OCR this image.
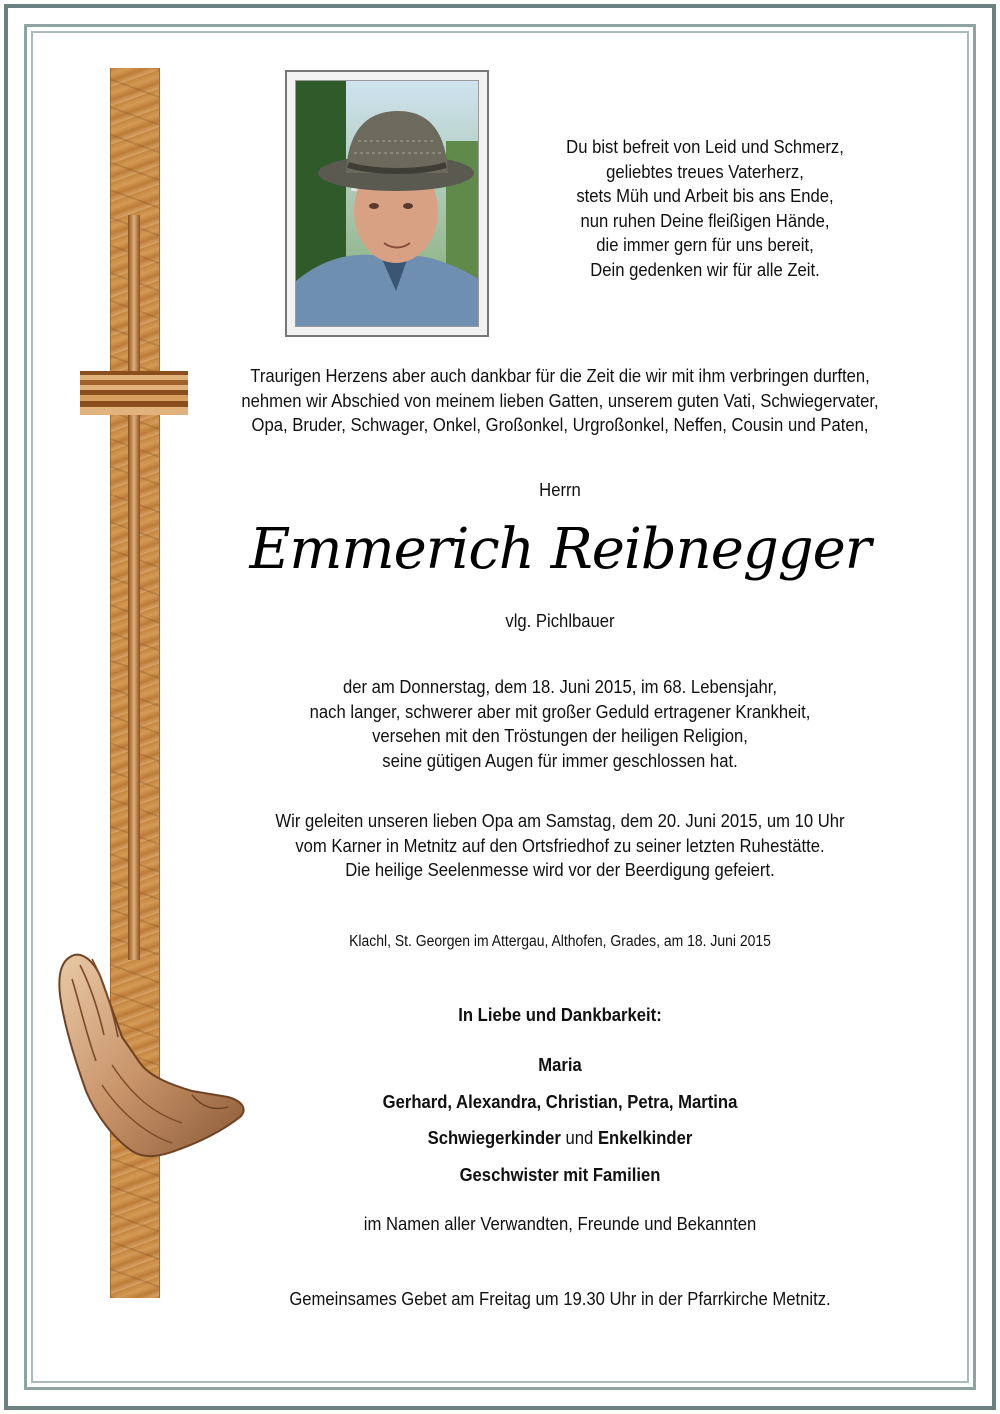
Du bist befreit von Leid und Schmerz,
geliebtes treues Vaterherz,
stets Müh und Arbeit bis ans Ende,
nun ruhen Deine fleißigen Hände,
die immer gern für uns bereit,
Dein gedenken wir für alle Zeit.
Traurigen Herzens aber auch dankbar für die Zeit die wir mit ihm verbringen durften,
nehmen wir Abschied von meinem lieben Gatten, unserem guten Vati, Schwiegervater,
Opa, Bruder, Schwager, Onkel, Großonkel, Urgroßonkel, Neffen, Cousin und Paten,
Herrn
Emmerich Reibnegger
vlg. Pichlbauer
der am Donnerstag, dem 18. Juni 2015, im 68. Lebensjahr,
nach langer, schwerer aber mit großer Geduld ertragener Krankheit,
versehen mit den Tröstungen der heiligen Religion,
seine gütigen Augen für immer geschlossen hat.
Wir geleiten unseren lieben Opa am Samstag, dem 20. Juni 2015, um 10 Uhr
vom Karner in Metnitz auf den Ortsfriedhof zu seiner letzten Ruhestätte.
Die heilige Seelenmesse wird vor der Beerdigung gefeiert.
Klachl, St. Georgen im Attergau, Althofen, Grades, am 18. Juni 2015
In Liebe und Dankbarkeit:
Maria
Gerhard, Alexandra, Christian, Petra, Martina
Schwiegerkinder und Enkelkinder
Geschwister mit Familien
im Namen aller Verwandten, Freunde und Bekannten
Gemeinsames Gebet am Freitag um 19.30 Uhr in der Pfarrkirche Metnitz.
